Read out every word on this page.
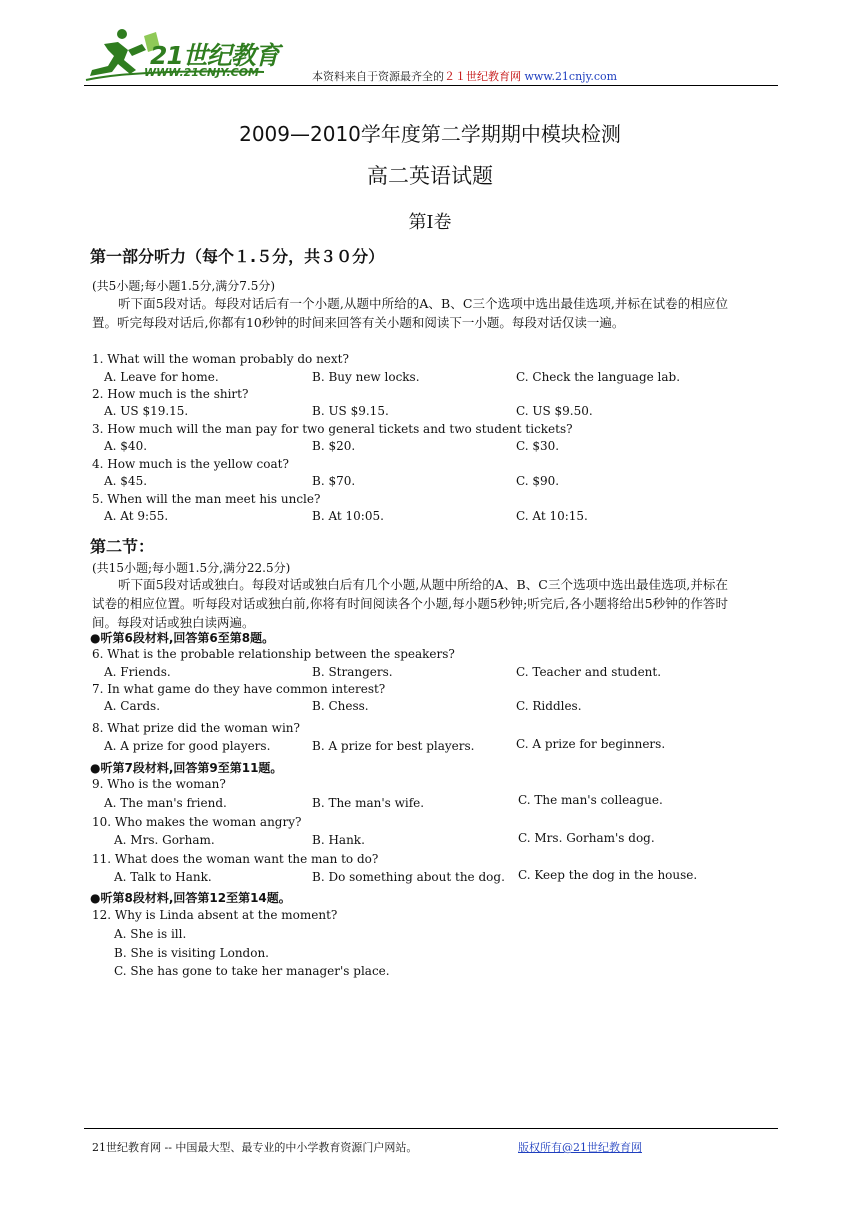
21世纪教育
WWW.21CNJY.COM	本资料来自于资源最齐全的２１世纪教育网 www.21cnjy.com
2009—2010学年度第二学期期中模块检测
高二英语试题
第Ⅰ卷
第一部分听力（每个１.５分，共３０分）
(共5小题;每小题1.5分,满分7.5分)
听下面5段对话。每段对话后有一个小题,从题中所给的A、B、C三个选项中选出最佳选项,并标在试卷的相应位置。听完每段对话后,你都有10秒钟的时间来回答有关小题和阅读下一小题。每段对话仅读一遍。
1. What will the woman probably do next?
A. Leave for home.	B. Buy new locks.	C. Check the language lab.
2. How much is the shirt?
A. US $19.15.	B. US $9.15.	C. US $9.50.
3. How much will the man pay for two general tickets and two student tickets?
A. $40.	B. $20.	C. $30.
4. How much is the yellow coat?
A. $45.	B. $70.	C. $90.
5. When will the man meet his uncle?
A. At 9:55.	B. At 10:05.	C. At 10:15.
第二节：
(共15小题;每小题1.5分,满分22.5分)
听下面5段对话或独白。每段对话或独白后有几个小题,从题中所给的A、B、C三个选项中选出最佳选项,并标在试卷的相应位置。听每段对话或独白前,你将有时间阅读各个小题,每小题5秒钟;听完后,各小题将给出5秒钟的作答时间。每段对话或独白读两遍。
●听第6段材料,回答第6至第8题。
6. What is the probable relationship between the speakers?
A. Friends.	B. Strangers.	C. Teacher and student.
7. In what game do they have common interest?
A. Cards.	B. Chess.	C. Riddles.
8. What prize did the woman win?
A. A prize for good players.	B. A prize for best players.	C. A prize for beginners.
●听第7段材料,回答第9至第11题。
9. Who is the woman?
A. The man's friend.	B. The man's wife.	C. The man's colleague.
10. Who makes the woman angry?
A. Mrs. Gorham.	B. Hank.	C. Mrs. Gorham's dog.
11. What does the woman want the man to do?
A. Talk to Hank.	B. Do something about the dog. C. Keep the dog in the house.
●听第8段材料,回答第12至第14题。
12. Why is Linda absent at the moment?
A. She is ill.
B. She is visiting London.
C. She has gone to take her manager's place.
21世纪教育网 -- 中国最大型、最专业的中小学教育资源门户网站。	版权所有@21世纪教育网
